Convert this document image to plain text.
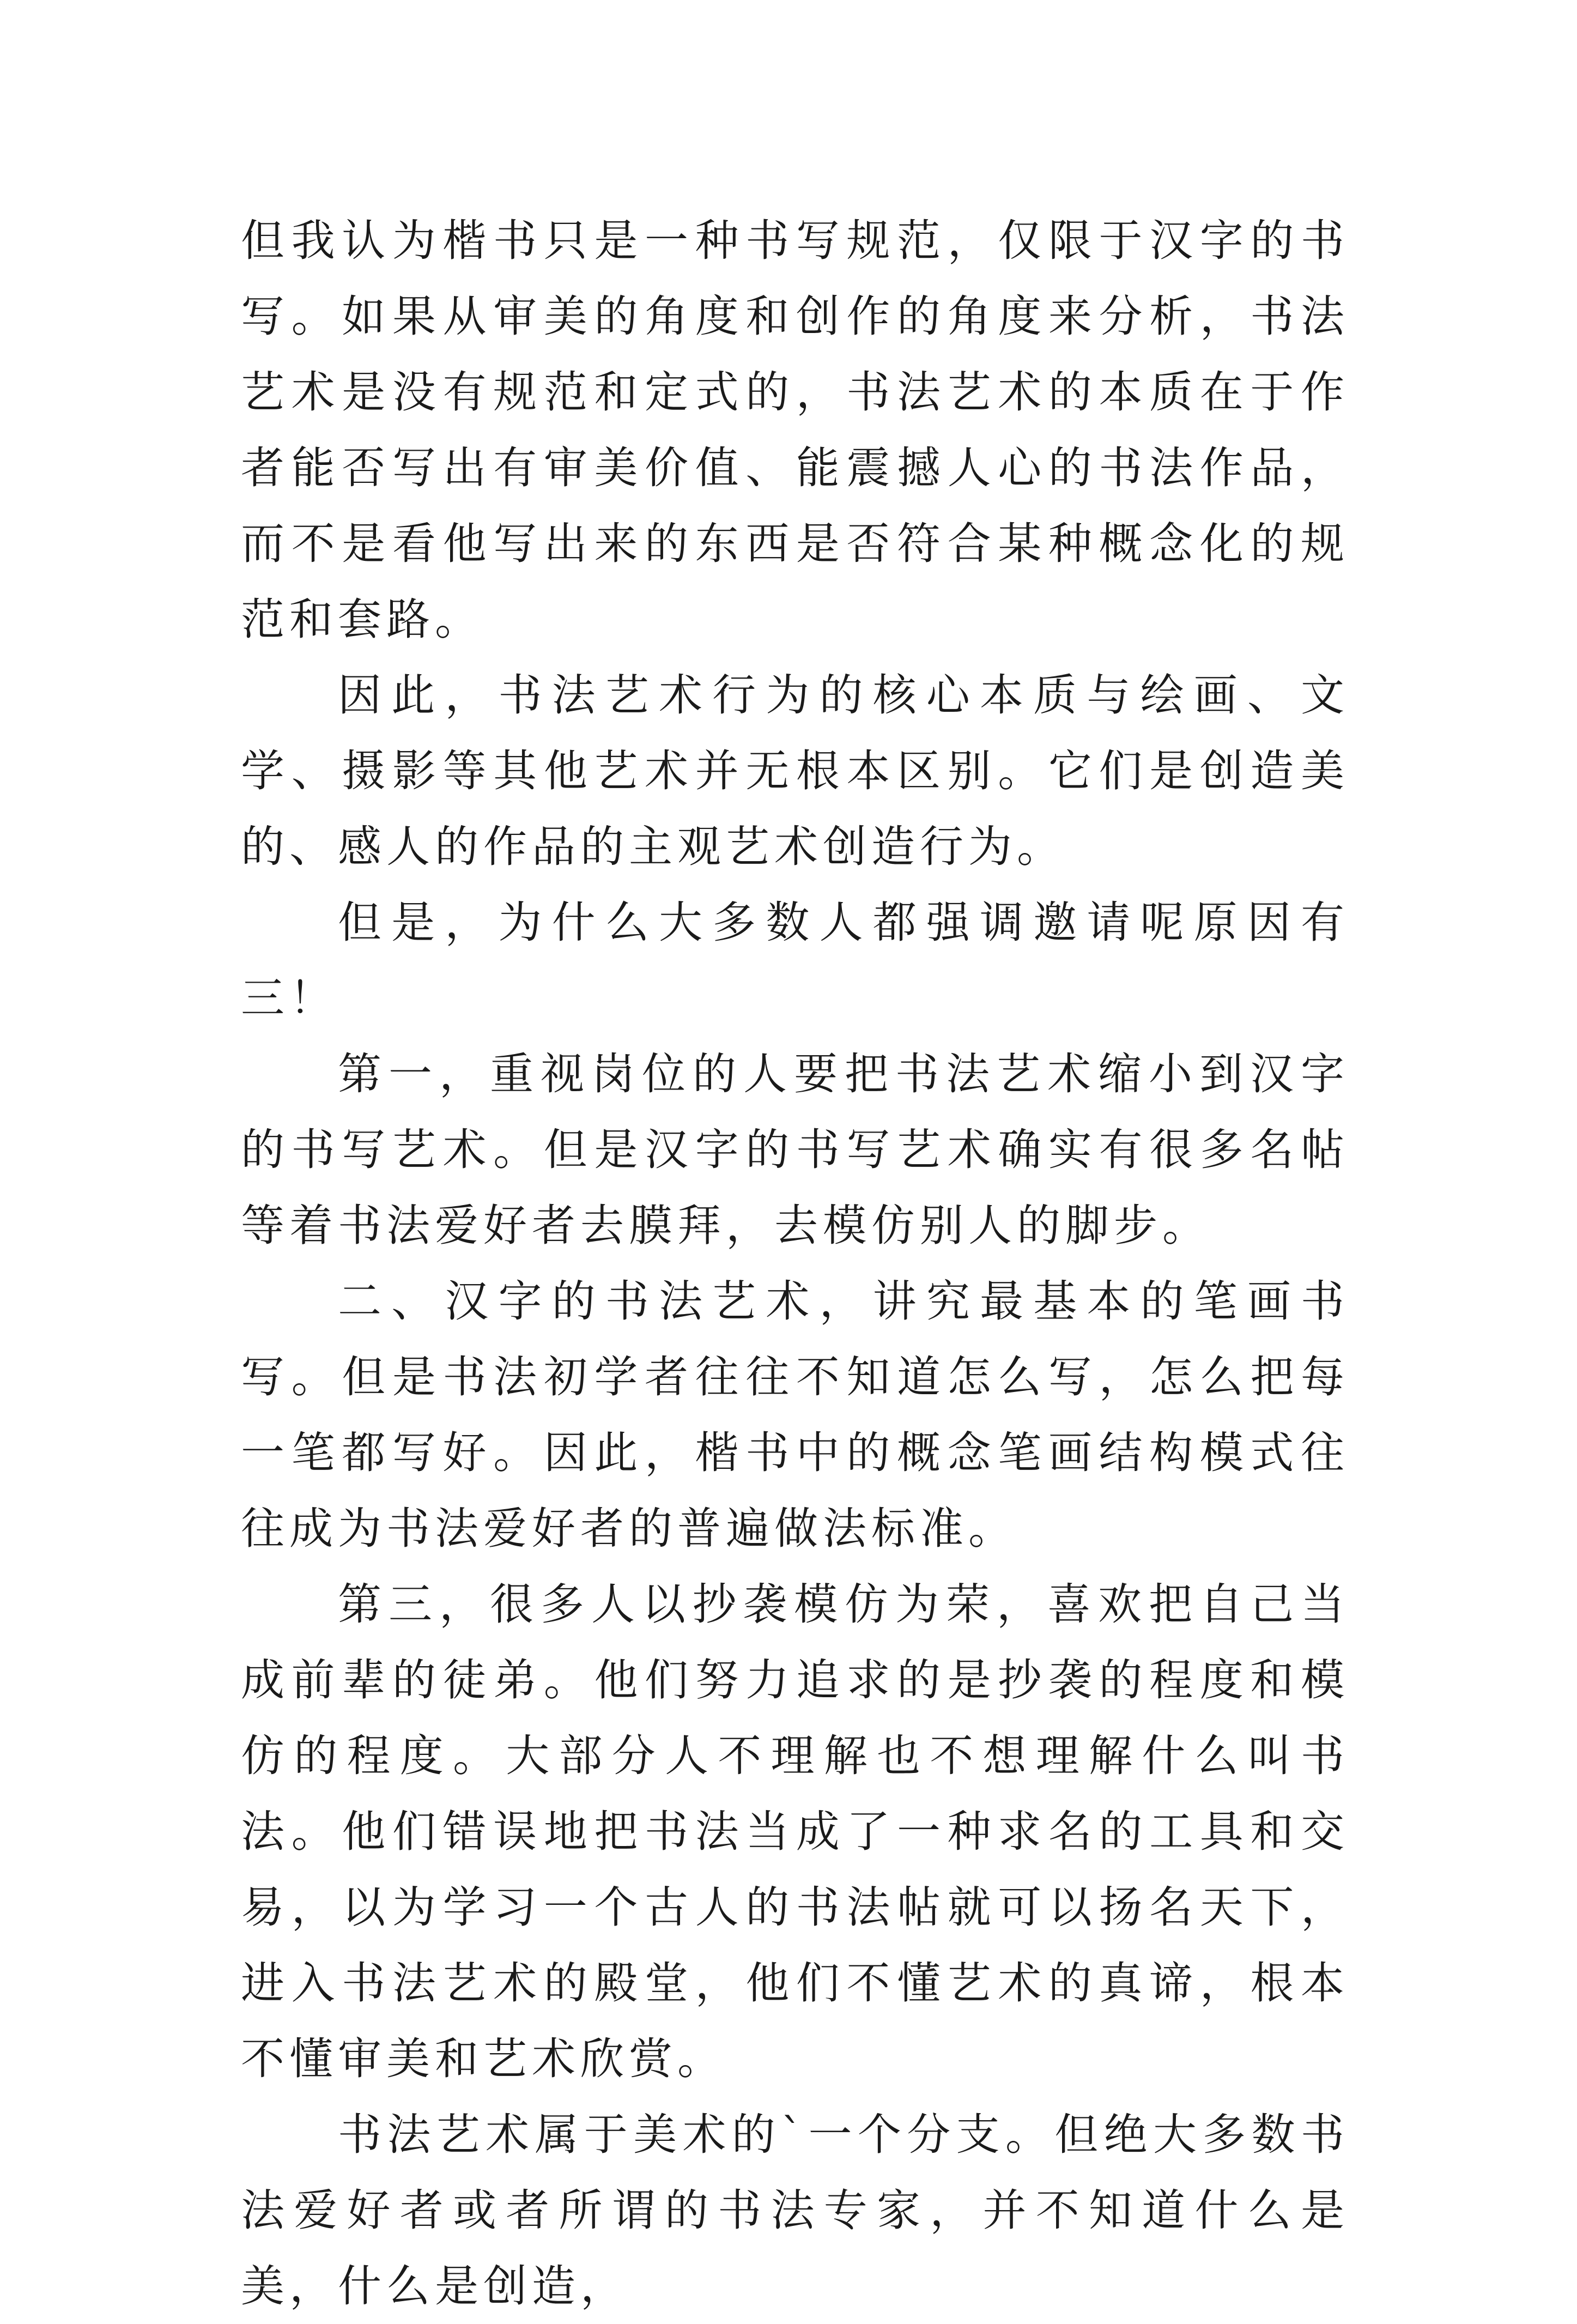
但我认为楷书只是一种书写规范，仅限于汉字的书写。如果从审美的角度和创作的角度来分析，书法艺术是没有规范和定式的，书法艺术的本质在于作者能否写出有审美价值、能震撼人心的书法作品，而不是看他写出来的东西是否符合某种概念化的规范和套路。

因此，书法艺术行为的核心本质与绘画、文学、摄影等其他艺术并无根本区别。它们是创造美的、感人的作品的主观艺术创造行为。

但是，为什么大多数人都强调邀请呢原因有三！

第一，重视岗位的人要把书法艺术缩小到汉字的书写艺术。但是汉字的书写艺术确实有很多名帖等着书法爱好者去膜拜，去模仿别人的脚步。

二、汉字的书法艺术，讲究最基本的笔画书写。但是书法初学者往往不知道怎么写，怎么把每一笔都写好。因此，楷书中的概念笔画结构模式往往成为书法爱好者的普遍做法标准。

第三，很多人以抄袭模仿为荣，喜欢把自己当成前辈的徒弟。他们努力追求的是抄袭的程度和模仿的程度。大部分人不理解也不想理解什么叫书法。他们错误地把书法当成了一种求名的工具和交易，以为学习一个古人的书法帖就可以扬名天下，进入书法艺术的殿堂，他们不懂艺术的真谛，根本不懂审美和艺术欣赏。

书法艺术属于美术的`一个分支。但绝大多数书法爱好者或者所谓的书法专家，并不知道什么是美，什么是创造，
